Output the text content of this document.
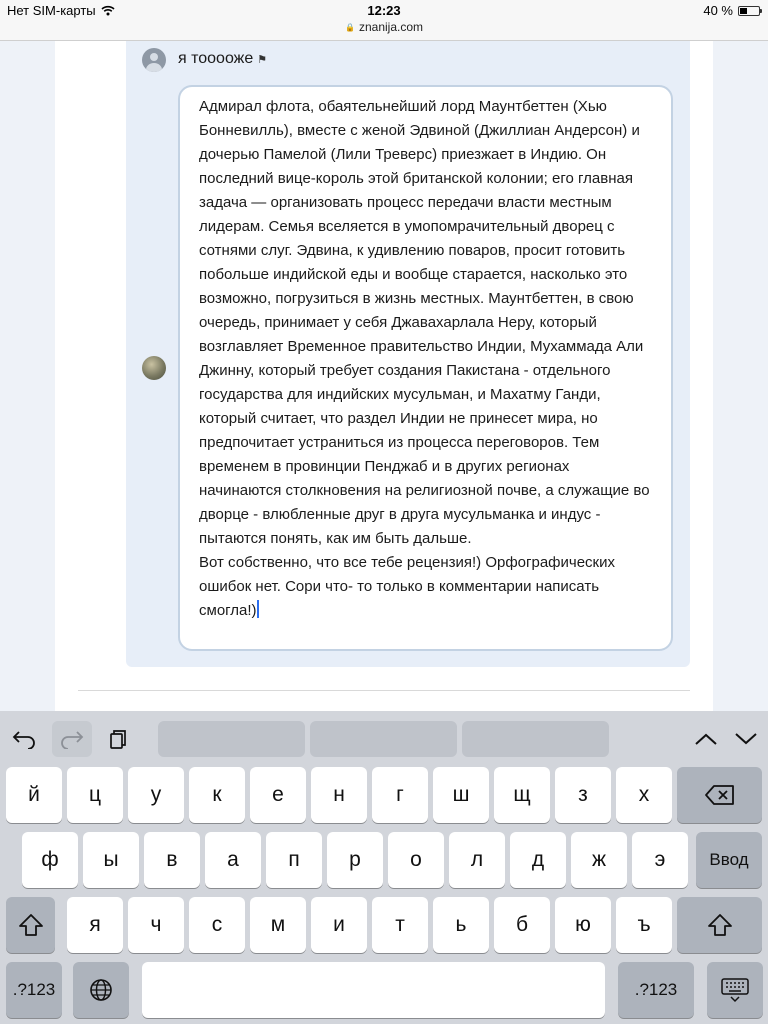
Нет SIM-карты	12:23	40 %
🔒 znanija.com
я тооооже ⚑

Адмирал флота, обаятельнейший лорд Маунтбеттен (Хью Бонневилль), вместе с женой Эдвиной (Джиллиан Андерсон) и дочерью Памелой (Лили Треверс) приезжает в Индию. Он последний вице-король этой британской колонии; его главная задача — организовать процесс передачи власти местным лидерам. Семья вселяется в умопомрачительный дворец с сотнями слуг. Эдвина, к удивлению поваров, просит готовить побольше индийской еды и вообще старается, насколько это возможно, погрузиться в жизнь местных. Маунтбеттен, в свою очередь, принимает у себя Джавахарлала Неру, который возглавляет Временное правительство Индии, Мухаммада Али Джинну, который требует создания Пакистана - отдельного государства для индийских мусульман, и Махатму Ганди, который считает, что раздел Индии не принесет мира, но предпочитает устраниться из процесса переговоров. Тем временем в провинции Пенджаб и в других регионах начинаются столкновения на религиозной почве, а служащие во дворце - влюбленные друг в друга мусульманка и индус - пытаются понять, как им быть дальше.

Вот собственно, что все тебе рецензия!) Орфографических ошибок нет. Сори что- то только в комментарии написать смогла!)

й	ц	у	к	е	н	г	ш	щ	з	х
ф	ы	в	а	п	р	о	л	д	ж	э
я	ч	с	м	и	т	ь	б	ю	ъ
Ввод
.?123	.?123
